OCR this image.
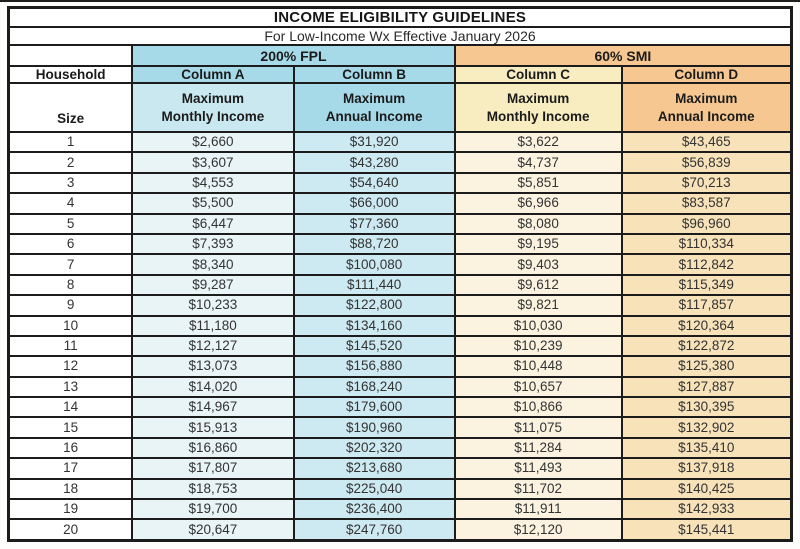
INCOME ELIGIBILITY GUIDELINES				
For Low-Income Wx Effective January 2026				
	200% FPL		60% SMI	
Household	Column A	Column B	Column C	Column D
Size	
Maximum
Monthly Income

Maximum
Annual Income

Maximum
Monthly Income

Maximum
Annual Income

1	$2,660	$31,920	$3,622	$43,465
2	$3,607	$43,280	$4,737	$56,839
3	$4,553	$54,640	$5,851	$70,213
4	$5,500	$66,000	$6,966	$83,587
5	$6,447	$77,360	$8,080	$96,960
6	$7,393	$88,720	$9,195	$110,334
7	$8,340	$100,080	$9,403	$112,842
8	$9,287	$111,440	$9,612	$115,349
9	$10,233	$122,800	$9,821	$117,857
10	$11,180	$134,160	$10,030	$120,364
11	$12,127	$145,520	$10,239	$122,872
12	$13,073	$156,880	$10,448	$125,380
13	$14,020	$168,240	$10,657	$127,887
14	$14,967	$179,600	$10,866	$130,395
15	$15,913	$190,960	$11,075	$132,902
16	$16,860	$202,320	$11,284	$135,410
17	$17,807	$213,680	$11,493	$137,918
18	$18,753	$225,040	$11,702	$140,425
19	$19,700	$236,400	$11,911	$142,933
20	$20,647	$247,760	$12,120	$145,441
